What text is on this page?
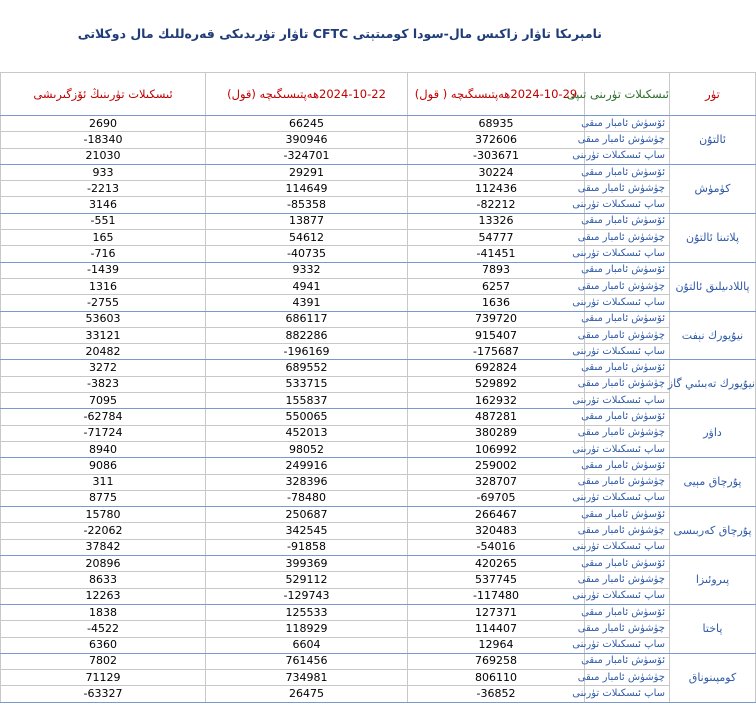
نامېرىكا تاۋار زاكىس مال-سودا كومىتېتى CFTC تاۋار تۈرىدىكى قەرەللىك مال دوكلاتى
ئىسكىلات تۈرىنىڭ ئۆزگىرىشى	2024-10-22ھەپتىسىگىچە (قول)	2024-10-29ھەپتىسىگىچە ( قول)	ئىسكىلات تۈرىنى تىپى	تۈر
2690	66245	68935	ئۆسۈش ئامبار مىقى	ئالتۇن
-18340	390946	372606	چۈشۈش ئامبار مىقى	
21030	-324701	-303671	ساپ ئىسكىلات تۈرىنى	
933	29291	30224	ئۆسۈش ئامبار مىقى	كۈمۈش
-2213	114649	112436	چۈشۈش ئامبار مىقى	
3146	-85358	-82212	ساپ ئىسكىلات تۈرىنى	
-551	13877	13326	ئۆسۈش ئامبار مىقى	پلاتىنا ئالتۇن
165	54612	54777	چۈشۈش ئامبار مىقى	
-716	-40735	-41451	ساپ ئىسكىلات تۈرىنى	
-1439	9332	7893	ئۆسۈش ئامبار مىقى	پاللادىيلىق ئالتۇن
1316	4941	6257	چۈشۈش ئامبار مىقى	
-2755	4391	1636	ساپ ئىسكىلات تۈرىنى	
53603	686117	739720	ئۆسۈش ئامبار مىقى	نيۇيورك نېفت
33121	882286	915407	چۈشۈش ئامبار مىقى	
20482	-196169	-175687	ساپ ئىسكىلات تۈرىنى	
3272	689552	692824	ئۆسۈش ئامبار مىقى	نيۇيورك تەبىئىي گاز
-3823	533715	529892	چۈشۈش ئامبار مىقى	
7095	155837	162932	ساپ ئىسكىلات تۈرىنى	
-62784	550065	487281	ئۆسۈش ئامبار مىقى	داۋر
-71724	452013	380289	چۈشۈش ئامبار مىقى	
8940	98052	106992	ساپ ئىسكىلات تۈرىنى	
9086	249916	259002	ئۆسۈش ئامبار مىقى	پۇرچاق مېيى
311	328396	328707	چۈشۈش ئامبار مىقى	
8775	-78480	-69705	ساپ ئىسكىلات تۈرىنى	
15780	250687	266467	ئۆسۈش ئامبار مىقى	پۇرچاق كەربىسى
-22062	342545	320483	چۈشۈش ئامبار مىقى	
37842	-91858	-54016	ساپ ئىسكىلات تۈرىنى	
20896	399369	420265	ئۆسۈش ئامبار مىقى	پىروئىزا
8633	529112	537745	چۈشۈش ئامبار مىقى	
12263	-129743	-117480	ساپ ئىسكىلات تۈرىنى	
1838	125533	127371	ئۆسۈش ئامبار مىقى	پاختا
-4522	118929	114407	چۈشۈش ئامبار مىقى	
6360	6604	12964	ساپ ئىسكىلات تۈرىنى	
7802	761456	769258	ئۆسۈش ئامبار مىقى	كومپىنوناق
71129	734981	806110	چۈشۈش ئامبار مىقى	
-63327	26475	-36852	ساپ ئىسكىلات تۈرىنى	
